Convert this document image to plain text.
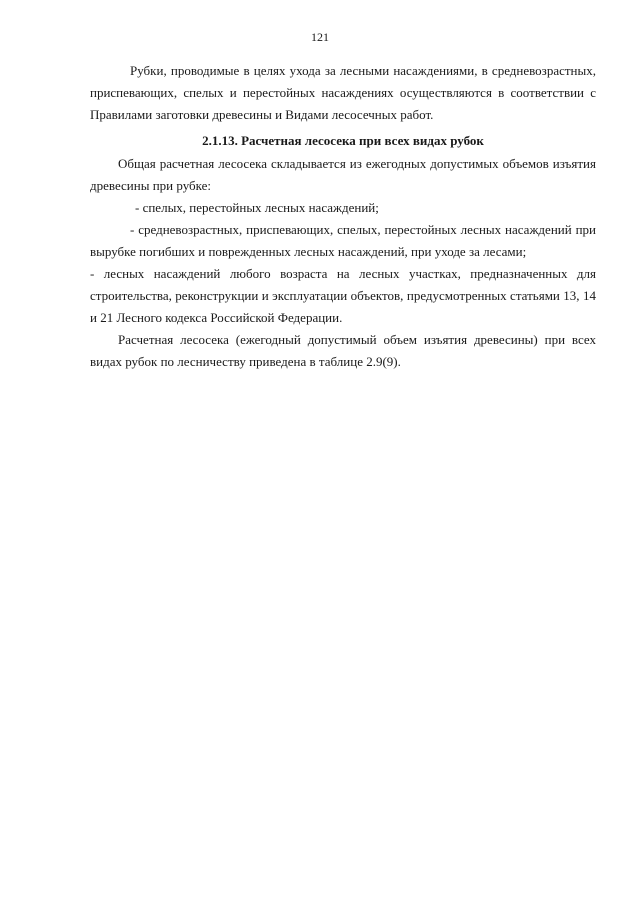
121

Рубки, проводимые в целях ухода за лесными насаждениями, в средневозрастных, приспевающих, спелых и перестойных насаждениях осуществляются в соответствии с Правилами заготовки древесины и Видами лесосечных работ.

2.1.13. Расчетная лесосека при всех видах рубок

Общая расчетная лесосека складывается из ежегодных допустимых объемов изъятия древесины при рубке:

- спелых, перестойных лесных насаждений;

- средневозрастных, приспевающих, спелых, перестойных лесных насаждений при вырубке погибших и поврежденных лесных насаждений, при уходе за лесами;

- лесных насаждений любого возраста на лесных участках, предназначенных для строительства, реконструкции и эксплуатации объектов, предусмотренных статьями 13, 14 и 21 Лесного кодекса Российской Федерации.

Расчетная лесосека (ежегодный допустимый объем изъятия древесины) при всех видах рубок по лесничеству приведена в таблице 2.9(9).
